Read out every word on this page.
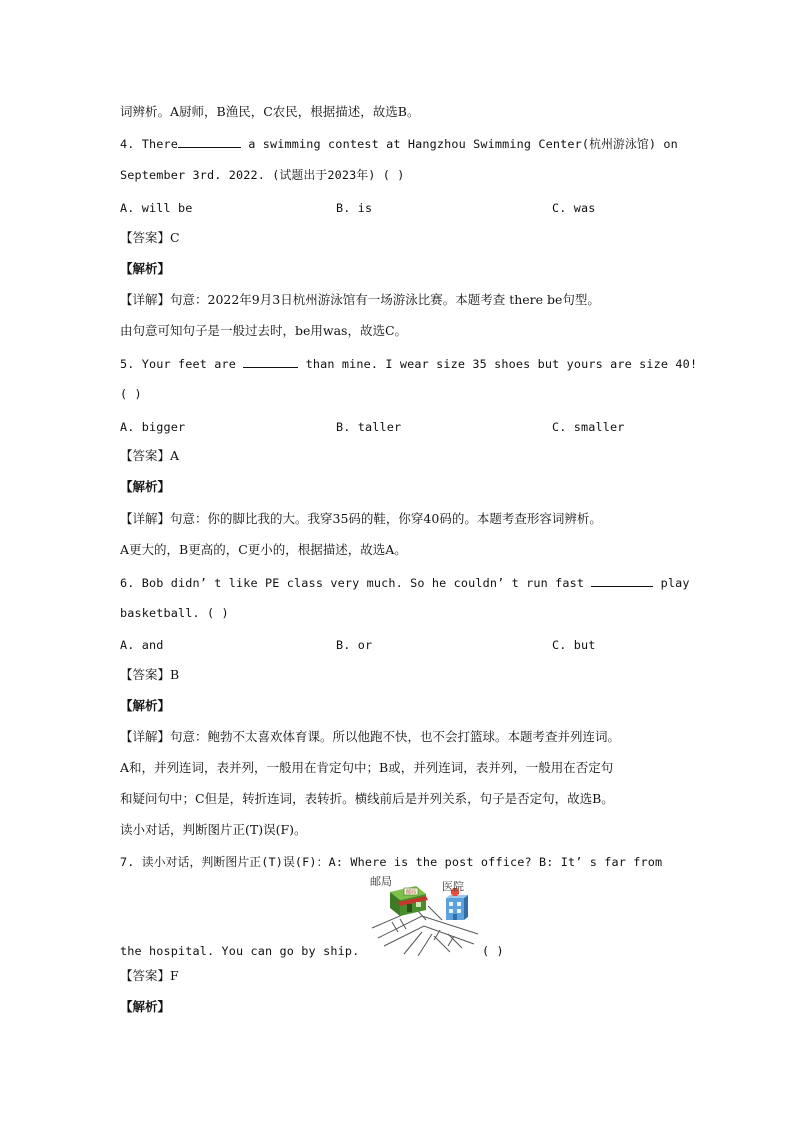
词辨析。A厨师，B渔民，C农民，根据描述，故选B。
4. There	a swimming contest at Hangzhou Swimming Center(杭州游泳馆) on
September 3rd. 2022. (试题出于2023年) ( )
A. will be	B. is	C. was
【答案】C
【解析】
【详解】句意：2022年9月3日杭州游泳馆有一场游泳比赛。本题考查 there be句型。
由句意可知句子是一般过去时，be用was，故选C。
5. Your feet are	than mine. I wear size 35 shoes but yours are size 40!
( )
A. bigger	B. taller	C. smaller
【答案】A
【解析】
【详解】句意：你的脚比我的大。我穿35码的鞋，你穿40码的。本题考查形容词辨析。
A更大的，B更高的，C更小的，根据描述，故选A。
6. Bob didn’ t like PE class very much. So he couldn’ t run fast	play
basketball. ( )
A. and	B. or	C. but
【答案】B
【解析】
【详解】句意：鲍勃不太喜欢体育课。所以他跑不快，也不会打篮球。本题考查并列连词。
A和，并列连词，表并列，一般用在肯定句中；B或，并列连词，表并列，一般用在否定句
和疑问句中；C但是，转折连词，表转折。横线前后是并列关系，句子是否定句，故选B。
读小对话，判断图片正(T)误(F)。
7. 读小对话，判断图片正(T)误(F)：A: Where is the post office? B: It’ s far from
邮局
邮局	医院
the hospital. You can go by ship.	( )
【答案】F
【解析】
